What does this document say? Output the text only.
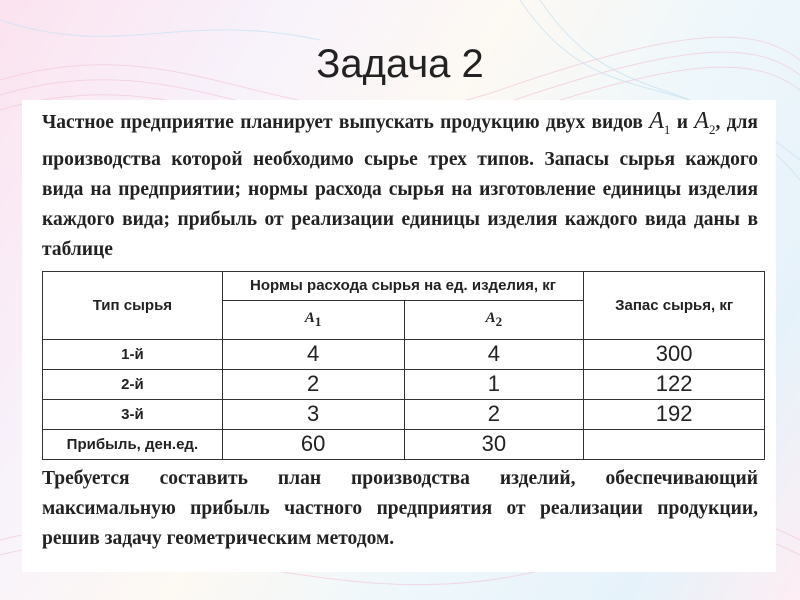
Задача 2

Частное предприятие планирует выпускать продукцию двух видов $A_1$ и $A_2$, для производства которой необходимо сырье трех типов. Запасы сырья каждого вида на предприятии; нормы расхода сырья на изготовление единицы изделия каждого вида; прибыль от реализации единицы изделия каждого вида даны в таблице

Тип сырья	Нормы расхода сырья на ед. изделия, кг		Запас сырья, кг
	$A_1$	$A_2$
1-й	4	4	300
2-й	2	1	122
3-й	3	2	192
Прибыль, ден.ед.	60	30	

Требуется составить план производства изделий, обеспечивающий максимальную прибыль частного предприятия от реализации продукции, решив задачу геометрическим методом.
